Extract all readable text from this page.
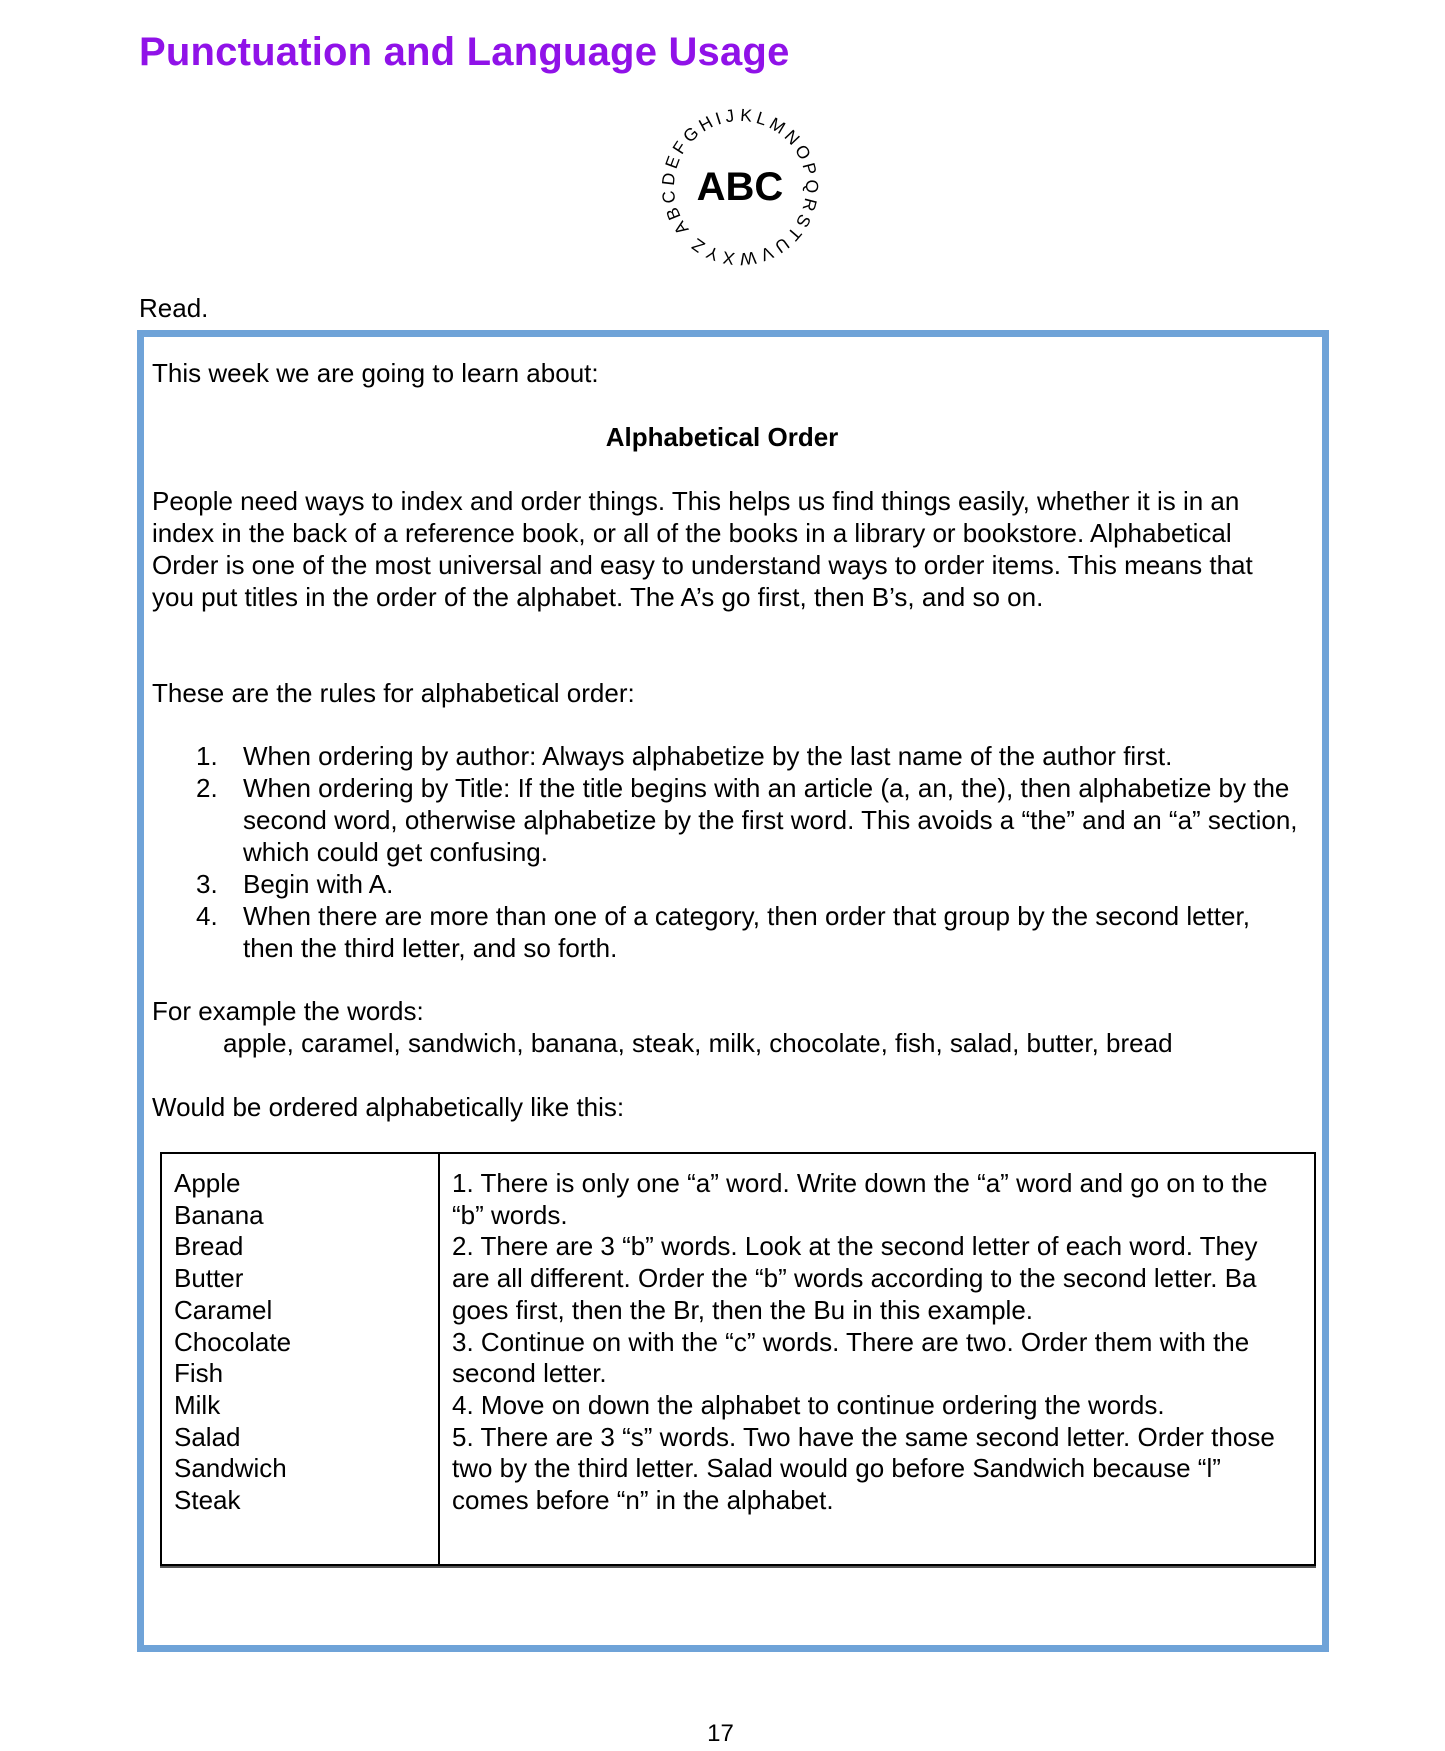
Punctuation and Language Usage
KLMNOPQRSTUVWXYZ ABCDEFGHIJ
ABC
Read.
This week we are going to learn about:
Alphabetical Order
People need ways to index and order things. This helps us find things easily, whether it is in an index in the back of a reference book, or all of the books in a library or bookstore. Alphabetical Order is one of the most universal and easy to understand ways to order items. This means that you put titles in the order of the alphabet. The A’s go first, then B’s, and so on.
These are the rules for alphabetical order:
1. When ordering by author: Always alphabetize by the last name of the author first.
2. When ordering by Title: If the title begins with an article (a, an, the), then alphabetize by the second word, otherwise alphabetize by the first word. This avoids a “the” and an “a” section, which could get confusing.
3. Begin with A.
4. When there are more than one of a category, then order that group by the second letter, then the third letter, and so forth.
For example the words:
apple, caramel, sandwich, banana, steak, milk, chocolate, fish, salad, butter, bread
Would be ordered alphabetically like this:
Apple
Banana
Bread
Butter
Caramel
Chocolate
Fish
Milk
Salad
Sandwich
Steak

1. There is only one “a” word. Write down the “a” word and go on to the “b” words.
2. There are 3 “b” words. Look at the second letter of each word. They are all different. Order the “b” words according to the second letter. Ba goes first, then the Br, then the Bu in this example.
3. Continue on with the “c” words. There are two. Order them with the second letter.
4. Move on down the alphabet to continue ordering the words.
5. There are 3 “s” words. Two have the same second letter. Order those two by the third letter. Salad would go before Sandwich because “l” comes before “n” in the alphabet.
17
